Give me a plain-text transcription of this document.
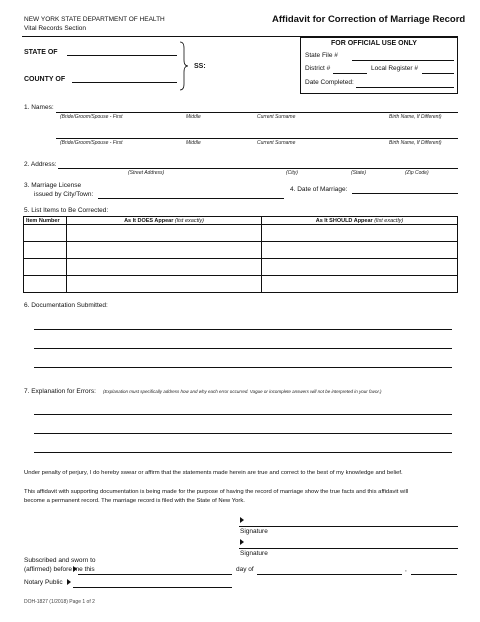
NEW YORK STATE DEPARTMENT OF HEALTH
Vital Records Section
Affidavit for Correction of Marriage Record
STATE OF
COUNTY OF
SS:
FOR OFFICIAL USE ONLY
State File #
District #	Local Register #
Date Completed:
1. Names:
(Bride/Groom/Spouse - First	Middle	Current Surname	Birth Name, If Different)
(Bride/Groom/Spouse - First	Middle	Current Surname	Birth Name, If Different)
2. Address:
(Street Address)	(City)	(State)	(Zip Code)
3. Marriage License
issued by City/Town:
4. Date of Marriage:
5. List Items to Be Corrected:
Item Number	As It DOES Appear (list exactly)	As It SHOULD Appear (list exactly)

6. Documentation Submitted:
7. Explanation for Errors: (Explanation must specifically address how and why each error occurred. Vague or incomplete answers will not be interpreted in your favor.)
Under penalty of perjury, I do hereby swear or affirm that the statements made herein are true and correct to the best of my knowledge and belief.
This affidavit with supporting documentation is being made for the purpose of having the record of marriage show the true facts and this affidavit will
become a permanent record. The marriage record is filed with the State of New York.
Signature
Signature
Subscribed and sworn to
(affirmed) before me this	day of	,
Notary Public
DOH-1827 (1/2018) Page 1 of 2
